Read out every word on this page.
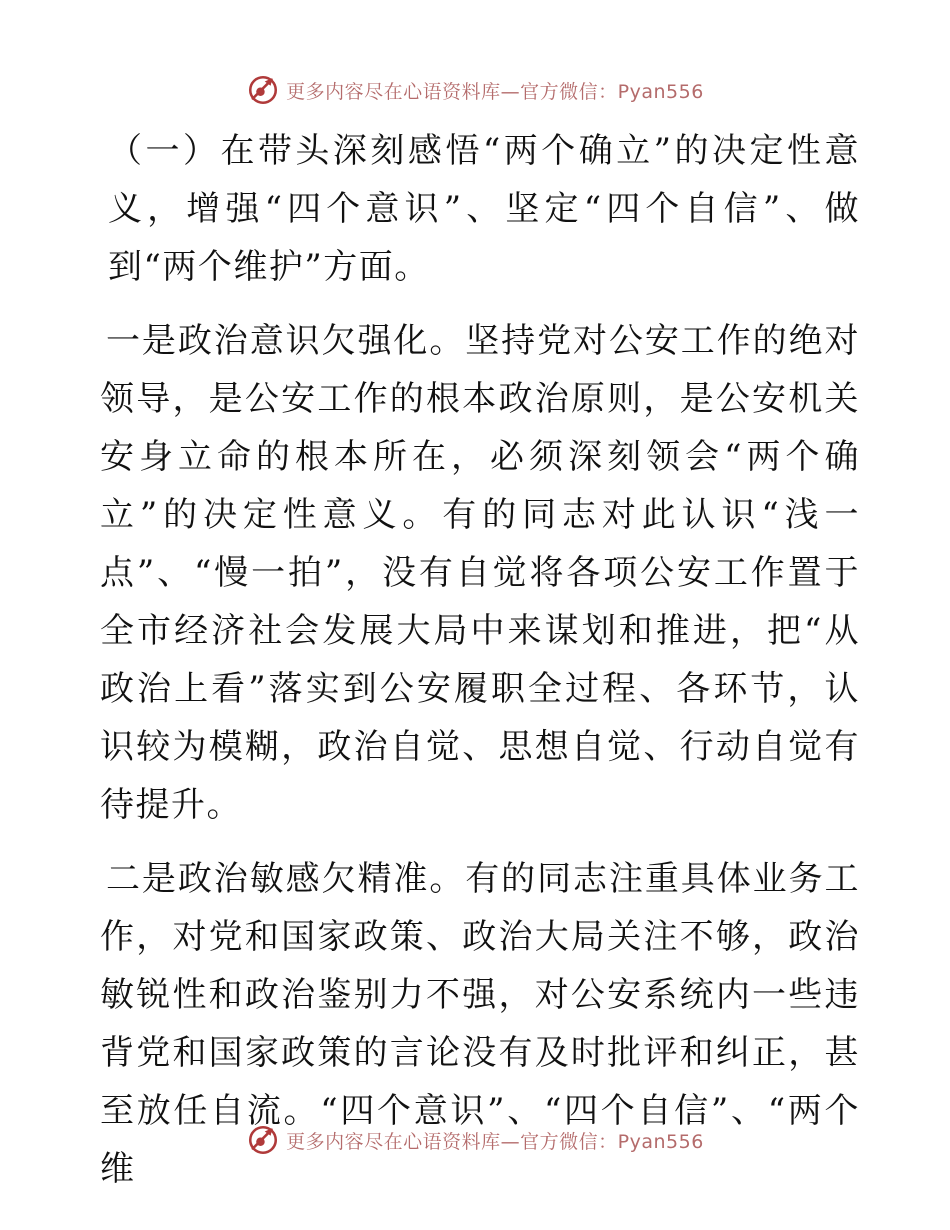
更多内容尽在心语资料库—官方微信：Pyan556

（一）在带头深刻感悟“两个确立”的决定性意义，增强“四个意识”、坚定“四个自信”、做到“两个维护”方面。

一是政治意识欠强化。坚持党对公安工作的绝对领导，是公安工作的根本政治原则，是公安机关安身立命的根本所在，必须深刻领会“两个确立”的决定性意义。有的同志对此认识“浅一点”、“慢一拍”，没有自觉将各项公安工作置于全市经济社会发展大局中来谋划和推进，把“从政治上看”落实到公安履职全过程、各环节，认识较为模糊，政治自觉、思想自觉、行动自觉有待提升。

二是政治敏感欠精准。有的同志注重具体业务工作，对党和国家政策、政治大局关注不够，政治敏锐性和政治鉴别力不强，对公安系统内一些违背党和国家政策的言论没有及时批评和纠正，甚至放任自流。“四个意识”、“四个自信”、“两个维

更多内容尽在心语资料库—官方微信：Pyan556
